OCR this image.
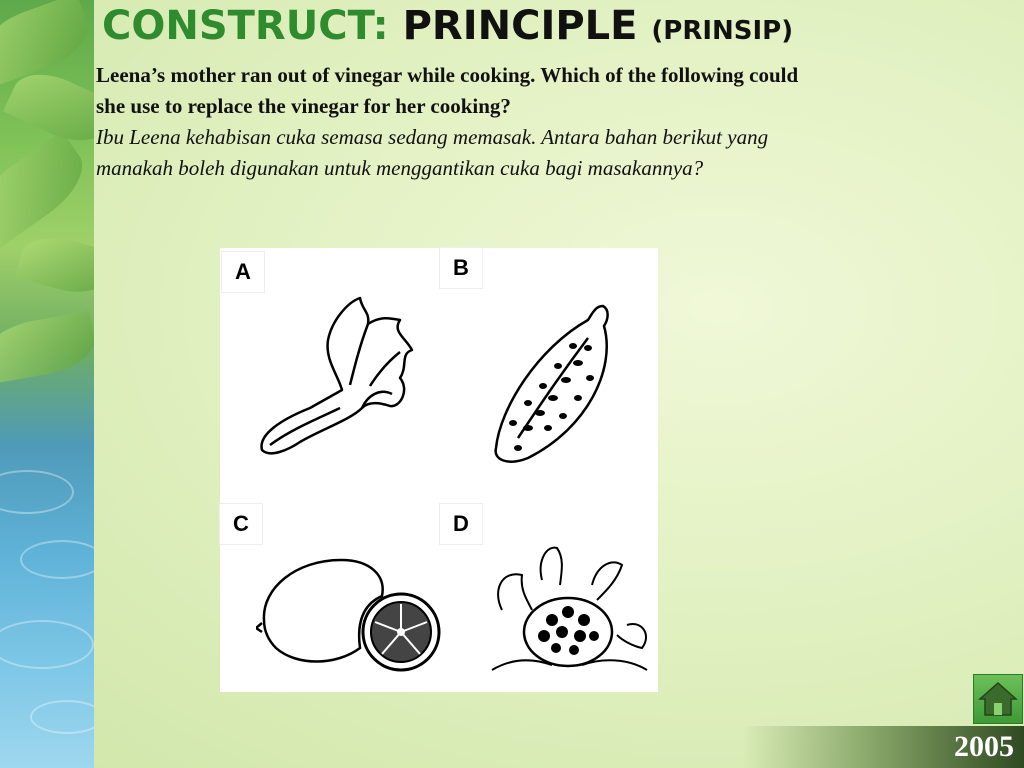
CONSTRUCT: PRINCIPLE (PRINSIP)
Leena’s mother ran out of vinegar while cooking. Which of the following could
she use to replace the vinegar for her cooking?
Ibu Leena kehabisan cuka semasa sedang memasak. Antara bahan berikut yang
manakah boleh digunakan untuk menggantikan cuka bagi masakannya?
A	B
C	D
2005
